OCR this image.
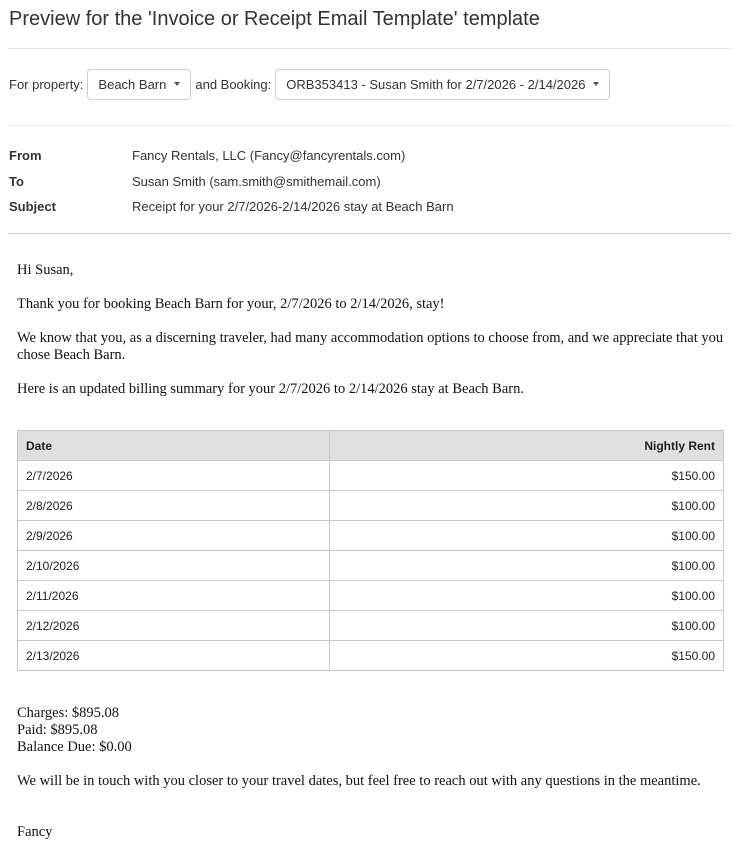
Preview for the 'Invoice or Receipt Email Template' template
For property: Beach Barn and Booking: ORB353413 - Susan Smith for 2/7/2026 - 2/14/2026
From	Fancy Rentals, LLC (Fancy@fancyrentals.com)
To	Susan Smith (sam.smith@smithemail.com)
Subject	Receipt for your 2/7/2026-2/14/2026 stay at Beach Barn

Hi Susan,

Thank you for booking Beach Barn for your, 2/7/2026 to 2/14/2026, stay!

We know that you, as a discerning traveler, had many accommodation options to choose from, and we appreciate that you chose Beach Barn.

Here is an updated billing summary for your 2/7/2026 to 2/14/2026 stay at Beach Barn.

Date	Nightly Rent
2/7/2026	$150.00
2/8/2026	$100.00
2/9/2026	$100.00
2/10/2026	$100.00
2/11/2026	$100.00
2/12/2026	$100.00
2/13/2026	$150.00
Charges: $895.08
Paid: $895.08
Balance Due: $0.00
We will be in touch with you closer to your travel dates, but feel free to reach out with any questions in the meantime.
Fancy
